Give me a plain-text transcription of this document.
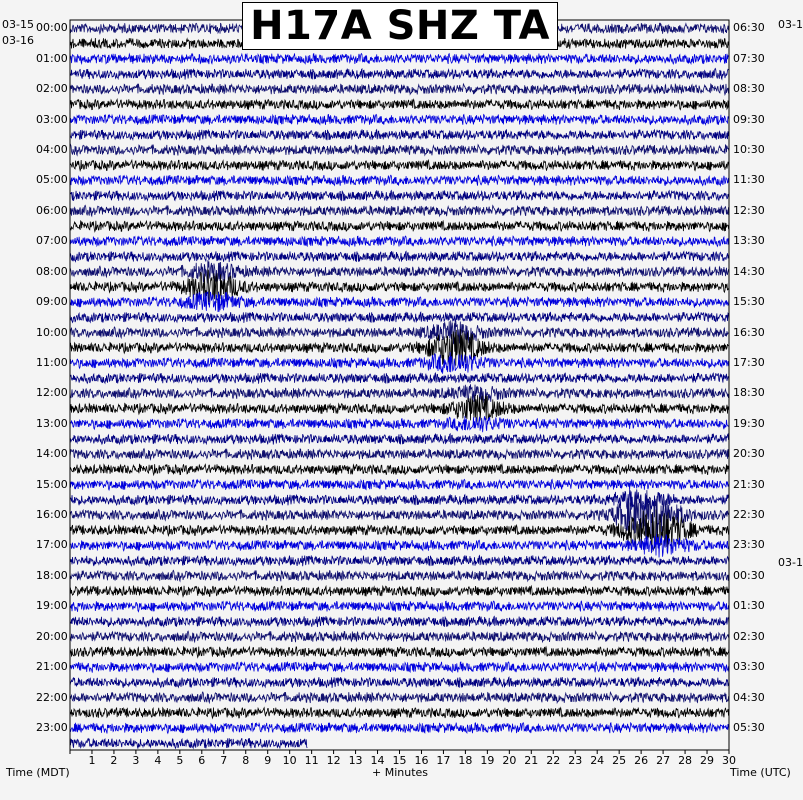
H17A SHZ TA
03-15
03-16
03-1
03-1
00:00
01:00
02:00
03:00
04:00
05:00
06:00
07:00
08:00
09:00
10:00
11:00
12:00
13:00
14:00
15:00
16:00
17:00
18:00
19:00
20:00
21:00
22:00
23:00
06:30
07:30
08:30
09:30
10:30
11:30
12:30
13:30
14:30
15:30
16:30
17:30
18:30
19:30
20:30
21:30
22:30
23:30
00:30
01:30
02:30
03:30
04:30
05:30
1 2 3 4 5 6 7 8 9 10 11 12 13 14 15 16 17 18 19 20 21 22 23 24 25 26 27 28 29 30
Time (MDT)	+ Minutes	Time (UTC)
